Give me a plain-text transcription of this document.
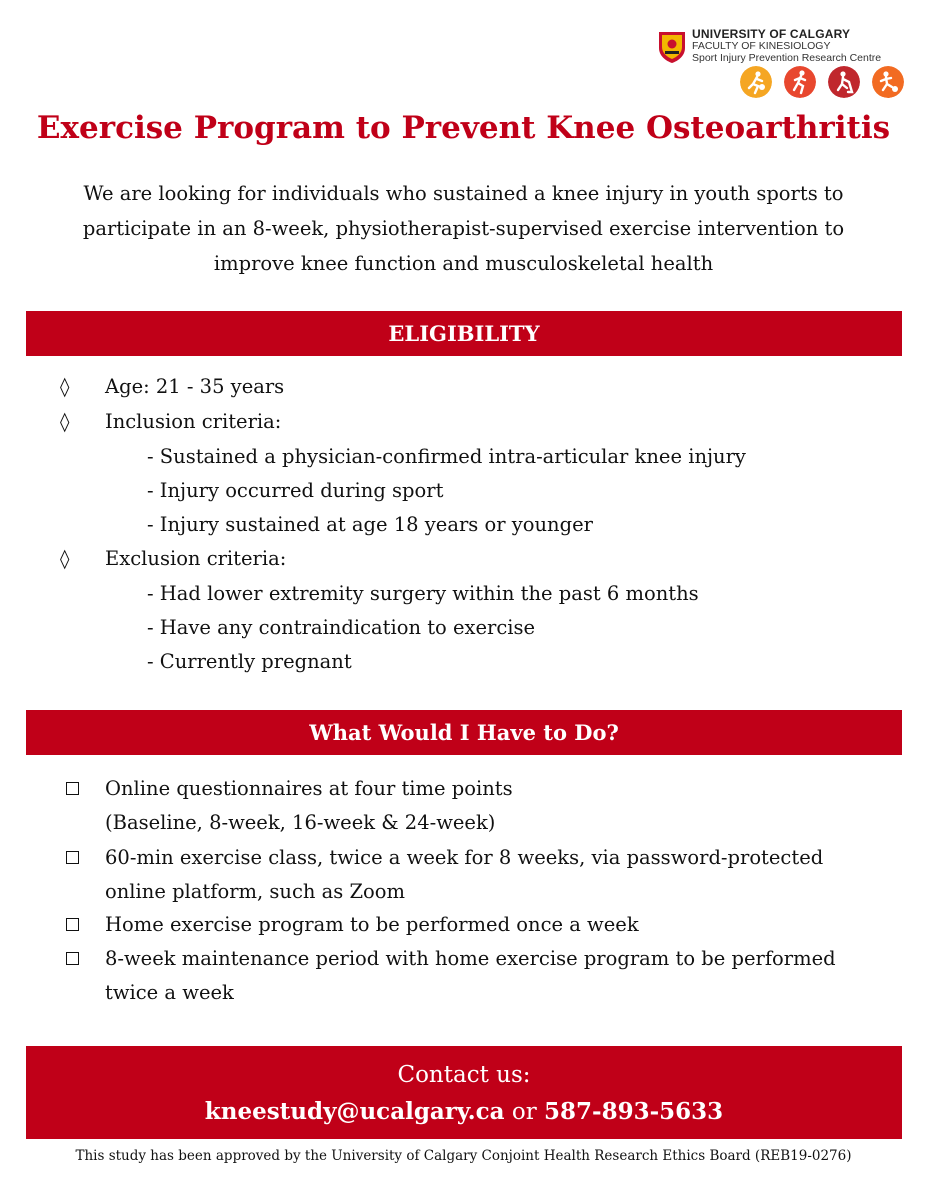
UNIVERSITY OF CALGARY
FACULTY OF KINESIOLOGY
Sport Injury Prevention Research Centre
Exercise Program to Prevent Knee Osteoarthritis

We are looking for individuals who sustained a knee injury in youth sports to participate in an 8-week, physiotherapist-supervised exercise intervention to improve knee function and musculoskeletal health

ELIGIBILITY
◊ Age: 21 - 35 years
◊ Inclusion criteria:
- Sustained a physician-confirmed intra-articular knee injury
- Injury occurred during sport
- Injury sustained at age 18 years or younger
◊ Exclusion criteria:
- Had lower extremity surgery within the past 6 months
- Have any contraindication to exercise
- Currently pregnant
What Would I Have to Do?
Online questionnaires at four time points
(Baseline, 8-week, 16-week & 24-week)
60-min exercise class, twice a week for 8 weeks, via password-protected
online platform, such as Zoom
Home exercise program to be performed once a week
8-week maintenance period with home exercise program to be performed
twice a week
Contact us:
kneestudy@ucalgary.ca or 587-893-5633
This study has been approved by the University of Calgary Conjoint Health Research Ethics Board (REB19-0276)
